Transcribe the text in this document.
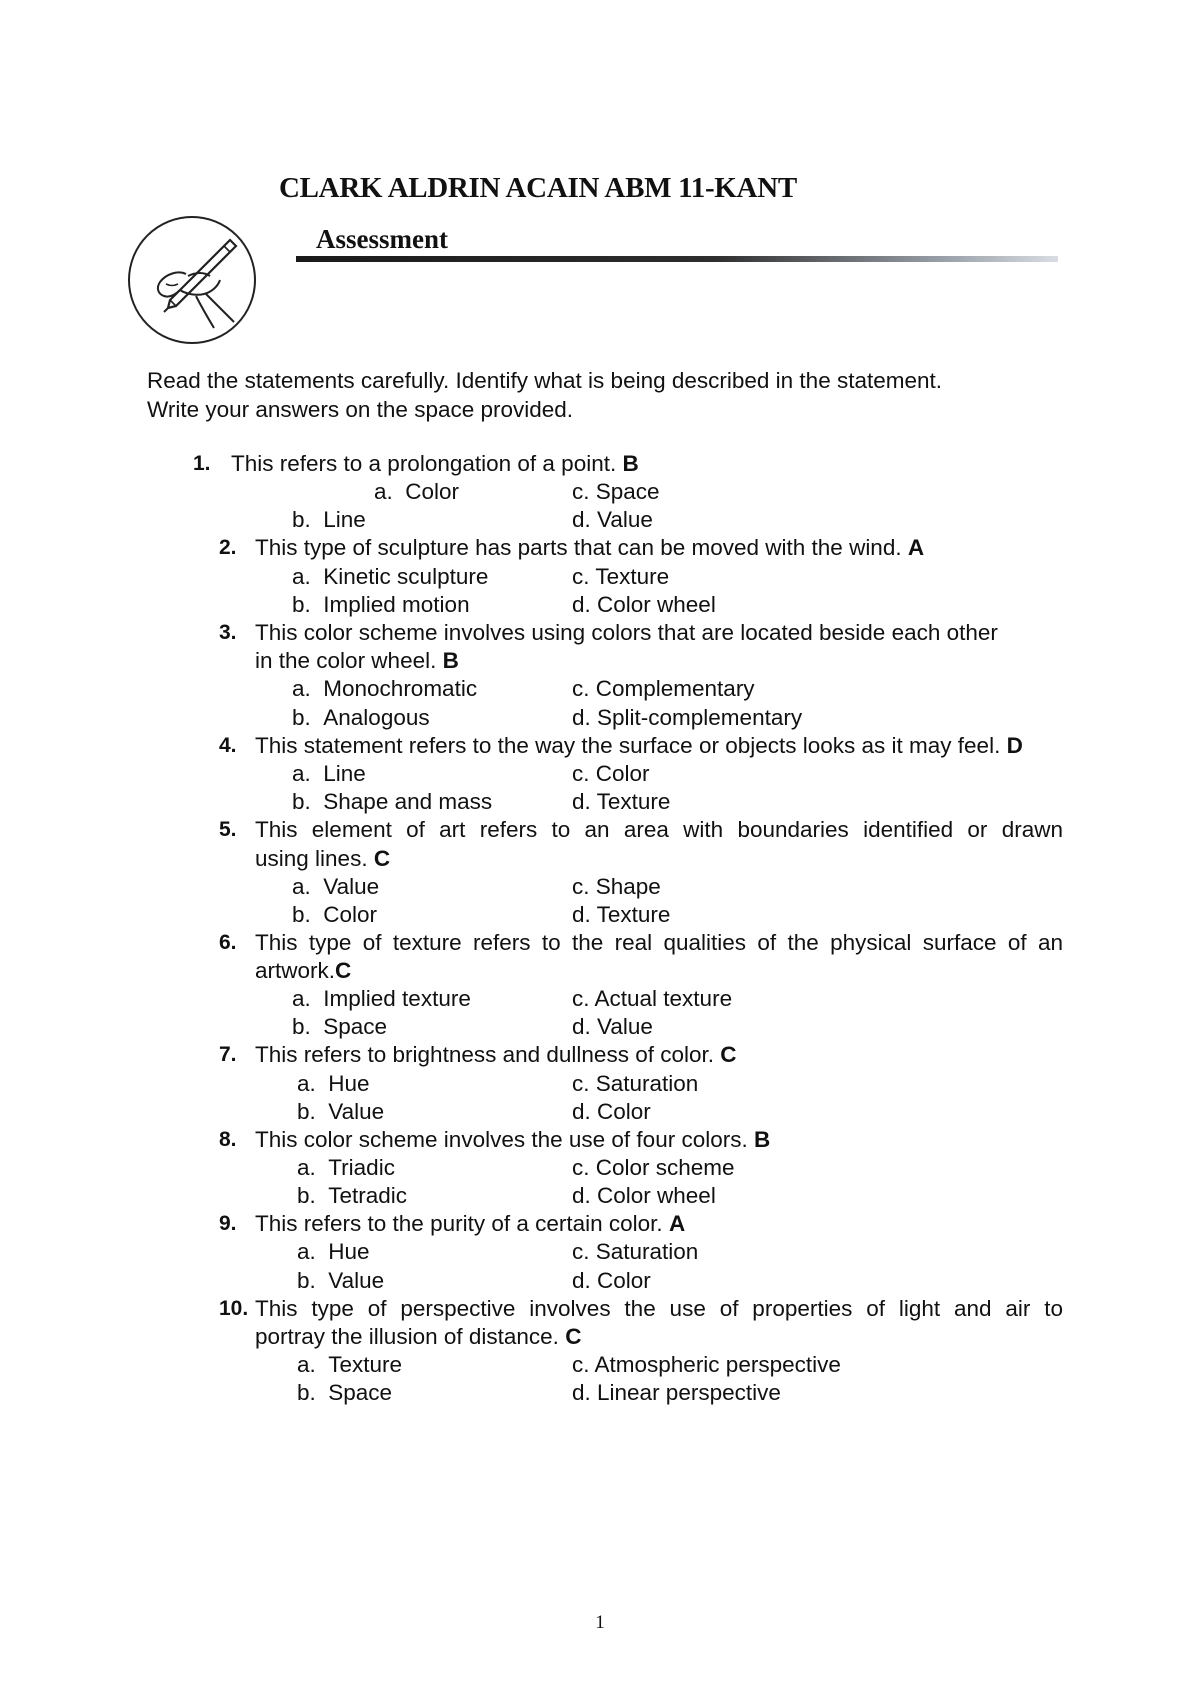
CLARK ALDRIN ACAIN ABM 11-KANT
Assessment
Read the statements carefully. Identify what is being described in the statement.
Write your answers on the space provided.
1. This refers to a prolongation of a point. B
a.  Color	c. Space
b.  Line	d. Value
2. This type of sculpture has parts that can be moved with the wind. A
a.  Kinetic sculpture	c. Texture
b.  Implied motion	d. Color wheel
3. This color scheme involves using colors that are located beside each other
in the color wheel. B
a.  Monochromatic	c. Complementary
b.  Analogous	d. Split-complementary
4. This statement refers to the way the surface or objects looks as it may feel. D
a.  Line	c. Color
b.  Shape and mass	d. Texture
5. This element of art refers to an area with boundaries identified or drawn
using lines. C
a.  Value	c. Shape
b.  Color	d. Texture
6. This type of texture refers to the real qualities of the physical surface of an
artwork.C
a.  Implied texture	c. Actual texture
b.  Space	d. Value
7. This refers to brightness and dullness of color. C
a.  Hue	c. Saturation
b.  Value	d. Color
8. This color scheme involves the use of four colors. B
a.  Triadic	c. Color scheme
b.  Tetradic	d. Color wheel
9. This refers to the purity of a certain color. A
a.  Hue	c. Saturation
b.  Value	d. Color
10. This type of perspective involves the use of properties of light and air to
portray the illusion of distance. C
a.  Texture	c. Atmospheric perspective
b.  Space	d. Linear perspective
1
